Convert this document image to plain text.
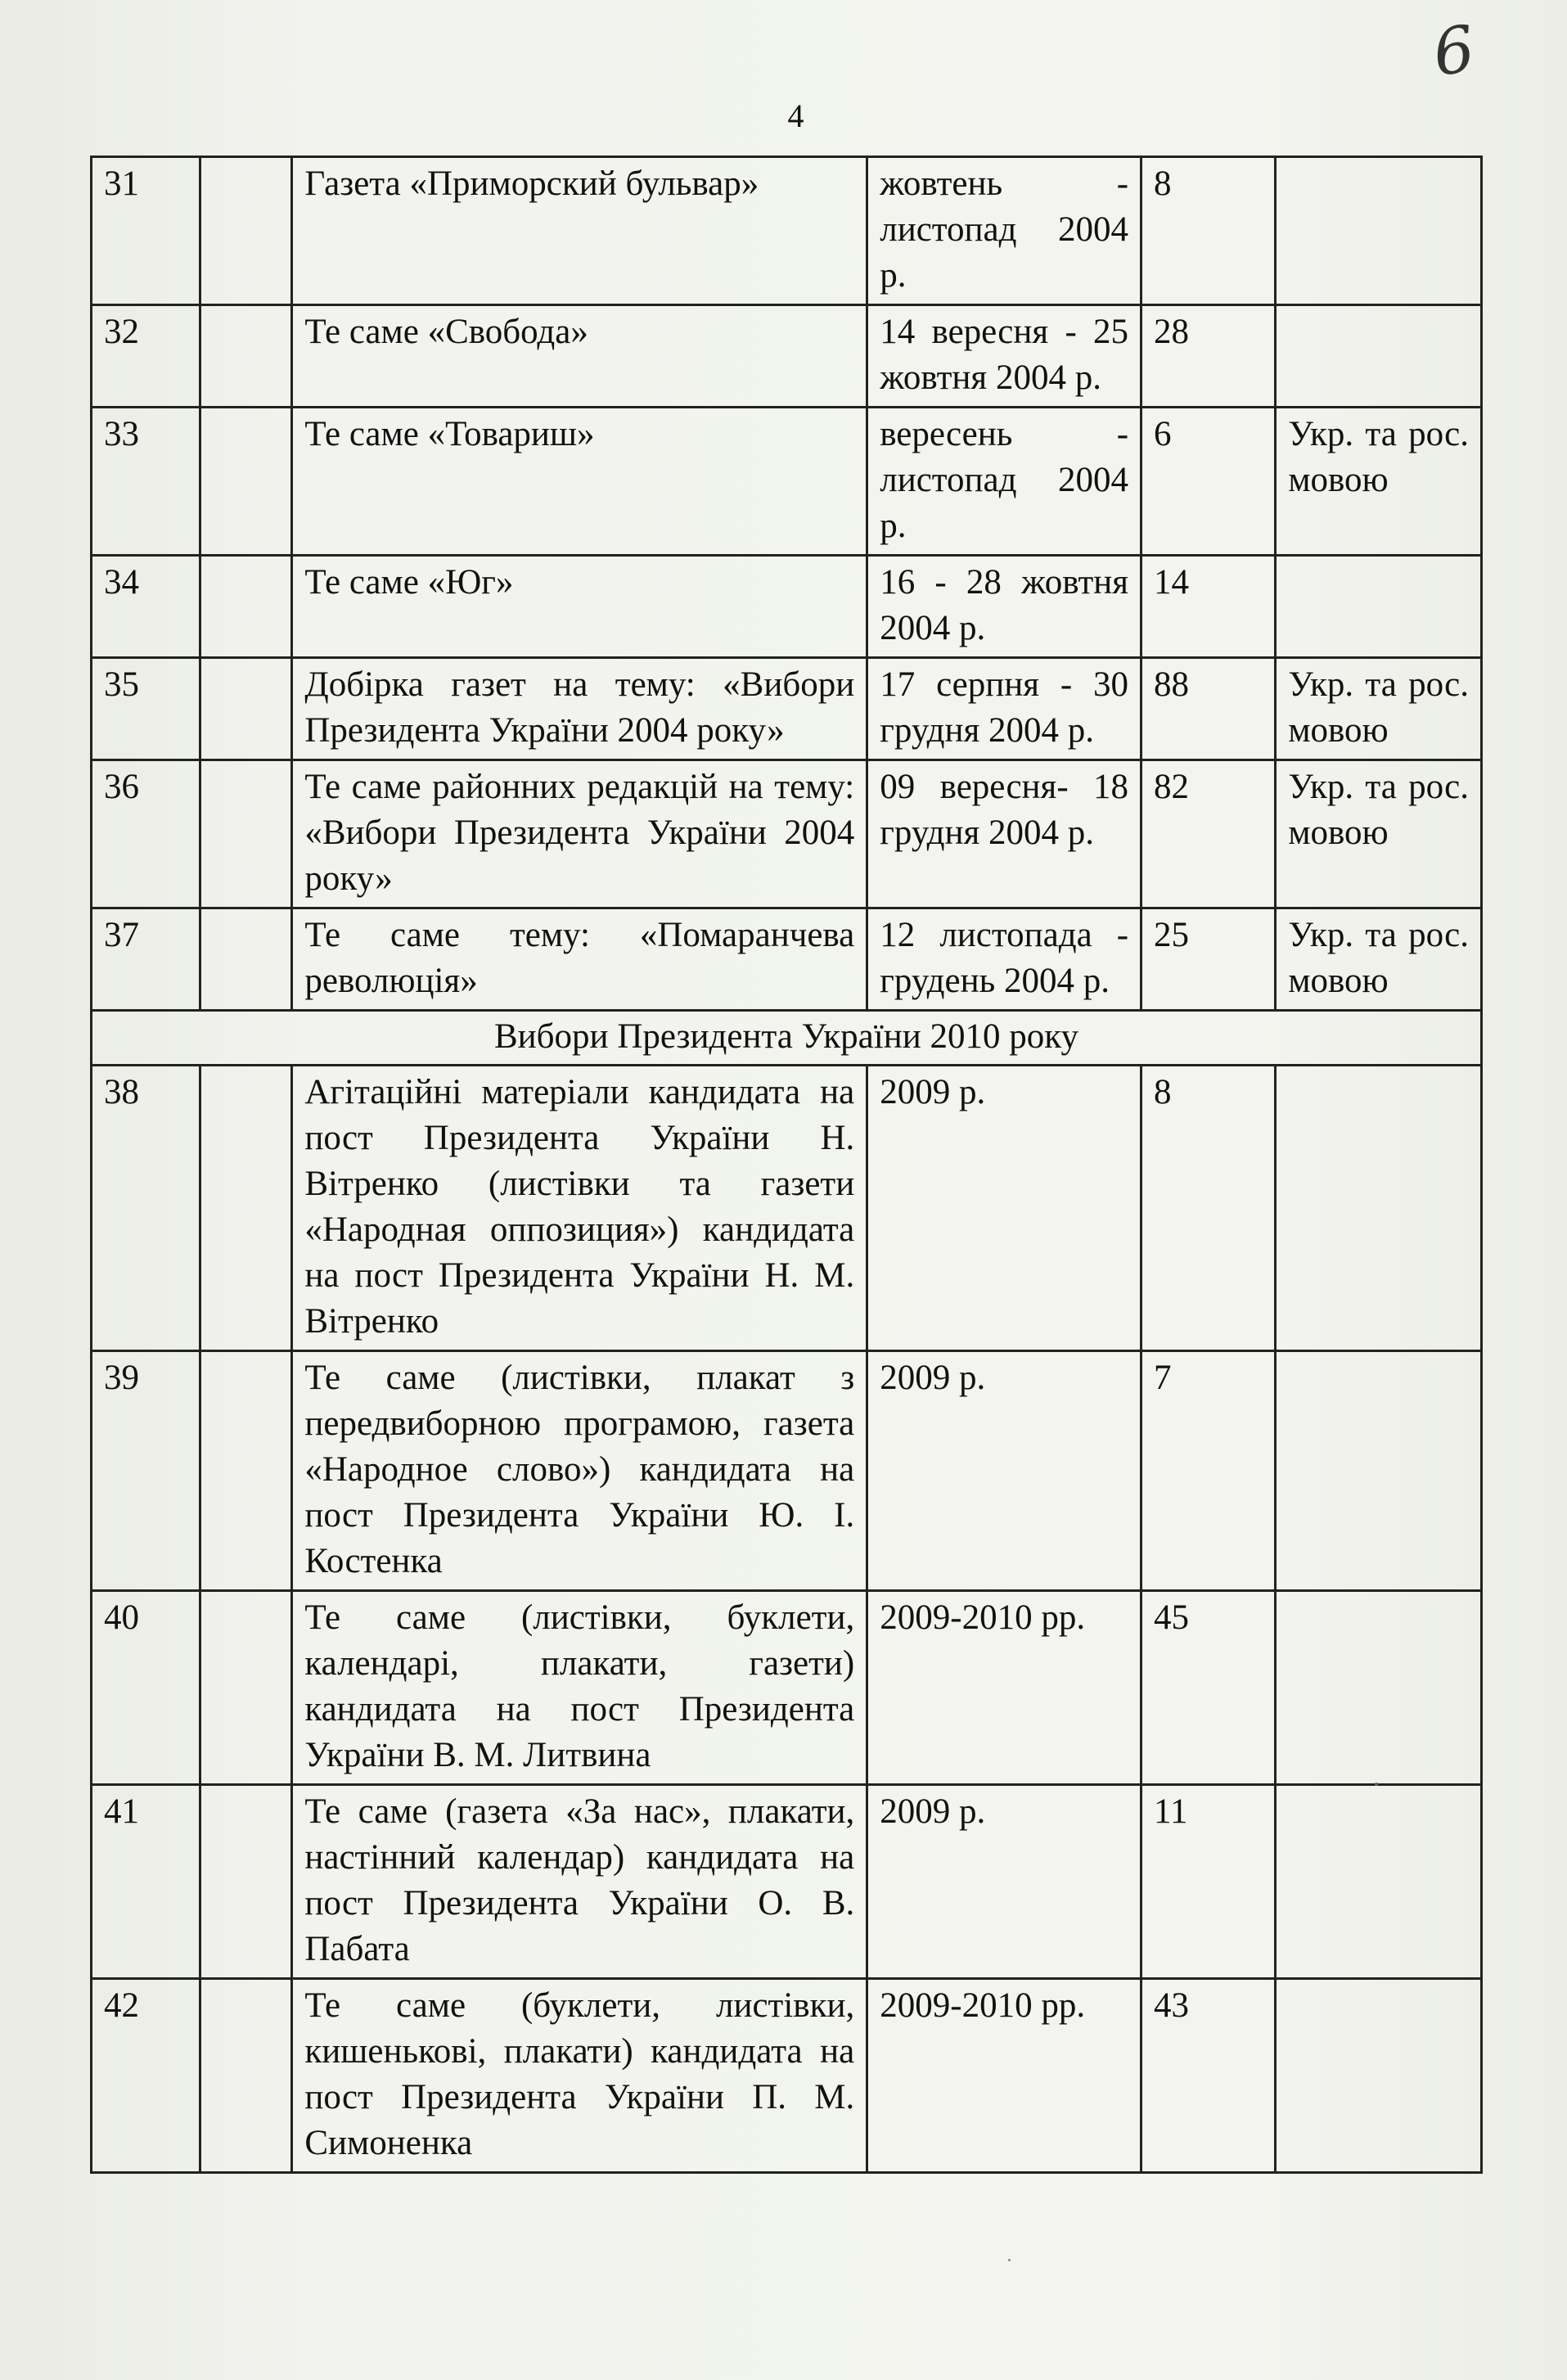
6
4
31		Газета «Приморский бульвар»	жовтень - листопад 2004 р.	8	
32		Те саме «Свобода»	14 вересня - 25 жовтня 2004 р.	28	
33		Те саме «Товариш»	вересень - листопад 2004 р.	6	Укр. та рос. мовою
34		Те саме «Юг»	16 - 28 жовтня 2004 р.	14	
35		Добірка газет на тему: «Вибори Президента України 2004 року»	17 серпня - 30 грудня 2004 р.	88	Укр. та рос. мовою
36		Те саме районних редакцій на тему: «Вибори Президента України 2004 року»	09 вересня- 18 грудня 2004 р.	82	Укр. та рос. мовою
37		Те саме тему: «Помаранчева революція»	12 листопада - грудень 2004 р.	25	Укр. та рос. мовою
Вибори Президента України 2010 року					
38		Агітаційні матеріали кандидата на пост Президента України Н. Вітренко (листівки та газети «Народная оппозиция») кандидата на пост Президента України Н. М. Вітренко	2009 р.	8	
39		Те саме (листівки, плакат з передвиборною програмою, газета «Народное слово») кандидата на пост Президента України Ю. І. Костенка	2009 р.	7	
40		Те саме (листівки, буклети, календарі, плакати, газети) кандидата на пост Президента України В. М. Литвина	2009-2010 рр.	45	
41		Те саме (газета «За нас», плакати, настінний календар) кандидата на пост Президента України О. В. Пабата	2009 р.	11	
42		Те саме (буклети, листівки, кишенькові, плакати) кандидата на пост Президента України П. М. Симоненка	2009-2010 рр.	43	
